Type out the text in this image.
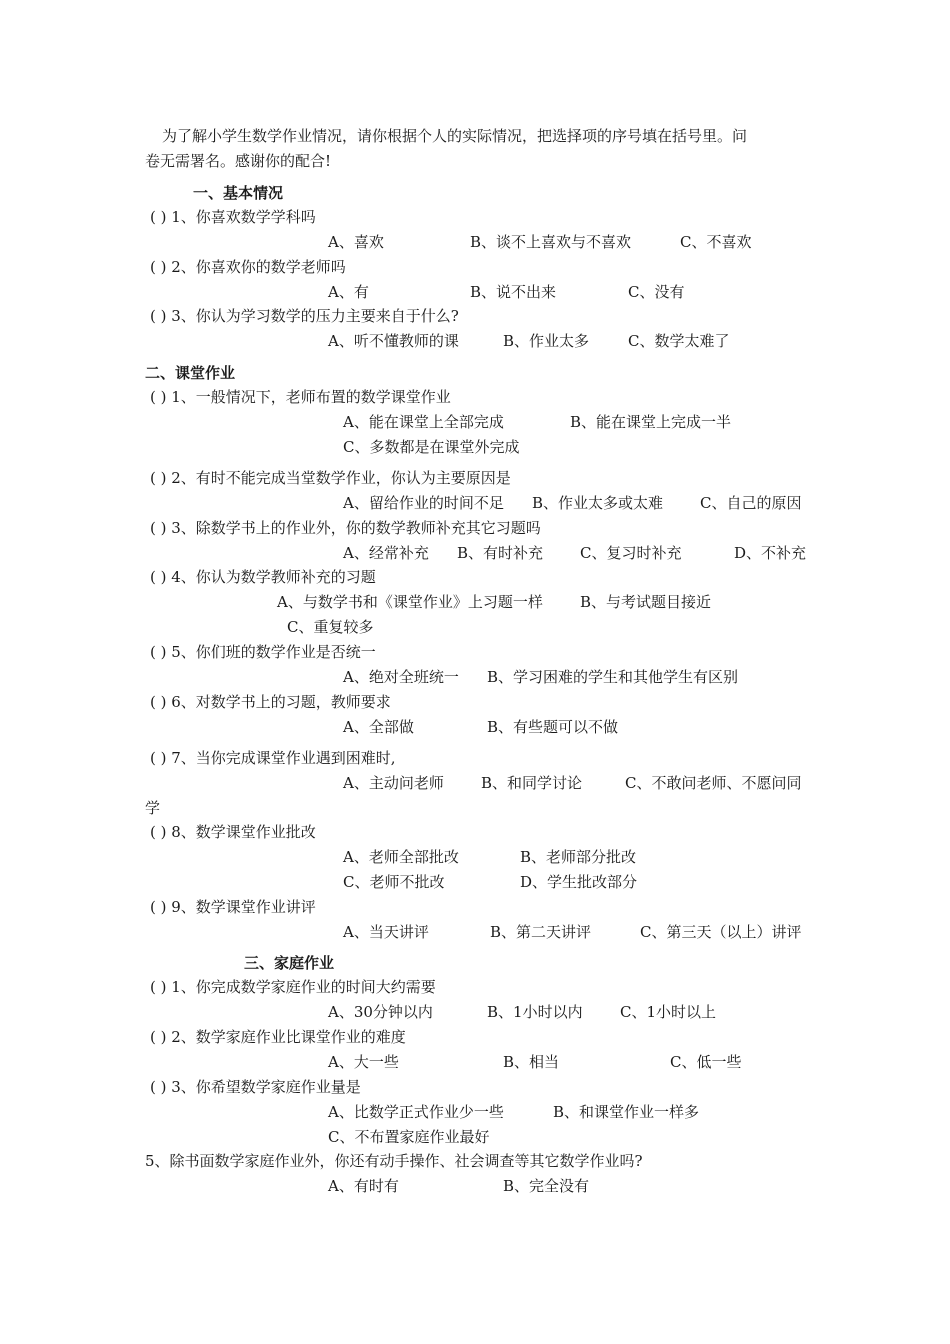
为了解小学生数学作业情况，请你根据个人的实际情况，把选择项的序号填在括号里。问
卷无需署名。感谢你的配合!
一、基本情况
( ) 1、你喜欢数学学科吗
A、喜欢	B、谈不上喜欢与不喜欢	C、不喜欢
( ) 2、你喜欢你的数学老师吗
A、有	B、说不出来	C、没有
( ) 3、你认为学习数学的压力主要来自于什么?
A、听不懂教师的课	B、作业太多	C、数学太难了
二、课堂作业
( ) 1、一般情况下，老师布置的数学课堂作业
A、能在课堂上全部完成	B、能在课堂上完成一半
C、多数都是在课堂外完成
( ) 2、有时不能完成当堂数学作业，你认为主要原因是
A、留给作业的时间不足 B、作业太多或太难 C、自己的原因
( ) 3、除数学书上的作业外，你的数学教师补充其它习题吗
A、经常补充 B、有时补充 C、复习时补充	D、不补充
( ) 4、你认为数学教师补充的习题
A、与数学书和《课堂作业》上习题一样 B、与考试题目接近
C、重复较多
( ) 5、你们班的数学作业是否统一
A、绝对全班统一 B、学习困难的学生和其他学生有区别
( ) 6、对数学书上的习题，教师要求
A、全部做	B、有些题可以不做
( ) 7、当你完成课堂作业遇到困难时,
A、主动问老师 B、和同学讨论	C、不敢问老师、不愿问同
学
( ) 8、数学课堂作业批改
A、老师全部批改	B、老师部分批改
C、老师不批改	D、学生批改部分
( ) 9、数学课堂作业讲评
A、当天讲评	B、第二天讲评	C、第三天（以上）讲评
三、家庭作业
( ) 1、你完成数学家庭作业的时间大约需要
A、30分钟以内	B、1小时以内 C、1小时以上
( ) 2、数学家庭作业比课堂作业的难度
A、大一些	B、相当	C、低一些
( ) 3、你希望数学家庭作业量是
A、比数学正式作业少一些	B、和课堂作业一样多
C、不布置家庭作业最好
5、除书面数学家庭作业外，你还有动手操作、社会调查等其它数学作业吗?
A、有时有	B、完全没有
